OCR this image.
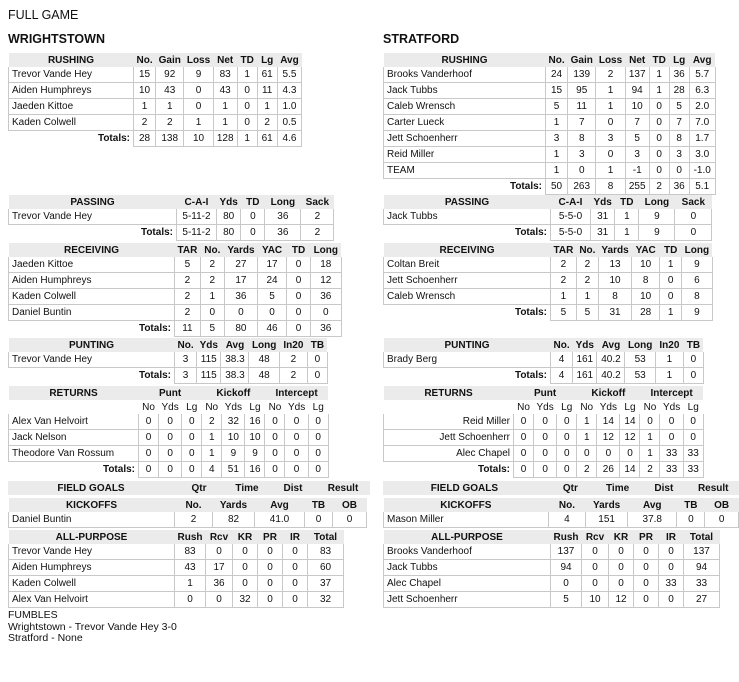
FULL GAME
WRIGHTSTOWN	STRATFORD
RUSHING	No.	Gain	Loss	Net	TD	Lg	Avg
Trevor Vande Hey	15	92	9	83	1	61	5.5
Aiden Humphreys	10	43	0	43	0	11	4.3
Jaeden Kittoe	1	1	0	1	0	1	1.0
Kaden Colwell	2	2	1	1	0	2	0.5
Totals:	28	138	10	128	1	61	4.6
RUSHING	No.	Gain	Loss	Net	TD	Lg	Avg
Brooks Vanderhoof	24	139	2	137	1	36	5.7
Jack Tubbs	15	95	1	94	1	28	6.3
Caleb Wrensch	5	11	1	10	0	5	2.0
Carter Lueck	1	7	0	7	0	7	7.0
Jett Schoenherr	3	8	3	5	0	8	1.7
Reid Miller	1	3	0	3	0	3	3.0
TEAM	1	0	1	-1	0	0	-1.0
Totals:	50	263	8	255	2	36	5.1
PASSING	C-A-I	Yds	TD	Long	Sack
Trevor Vande Hey	5-11-2	80	0	36	2
Totals:	5-11-2	80	0	36	2
PASSING	C-A-I	Yds	TD	Long	Sack
Jack Tubbs	5-5-0	31	1	9	0
Totals:	5-5-0	31	1	9	0
RECEIVING	TAR	No.	Yards	YAC	TD	Long
Jaeden Kittoe	5	2	27	17	0	18
Aiden Humphreys	2	2	17	24	0	12
Kaden Colwell	2	1	36	5	0	36
Daniel Buntin	2	0	0	0	0	0
Totals:	11	5	80	46	0	36
RECEIVING	TAR	No.	Yards	YAC	TD	Long
Coltan Breit	2	2	13	10	1	9
Jett Schoenherr	2	2	10	8	0	6
Caleb Wrensch	1	1	8	10	0	8
Totals:	5	5	31	28	1	9
PUNTING	No.	Yds	Avg	Long	In20	TB
Trevor Vande Hey	3	115	38.3	48	2	0
Totals:	3	115	38.3	48	2	0
PUNTING	No.	Yds	Avg	Long	In20	TB
Brady Berg	4	161	40.2	53	1	0
Totals:	4	161	40.2	53	1	0
RETURNS	Punt			Kickoff			Intercept		
	No	Yds	Lg	No	Yds	Lg	No	Yds	Lg
Alex Van Helvoirt	0	0	0	2	32	16	0	0	0
Jack Nelson	0	0	0	1	10	10	0	0	0
Theodore Van Rossum	0	0	0	1	9	9	0	0	0
Totals:	0	0	0	4	51	16	0	0	0
RETURNS	Punt			Kickoff			Intercept		
	No	Yds	Lg	No	Yds	Lg	No	Yds	Lg
Reid Miller	0	0	0	1	14	14	0	0	0
Jett Schoenherr	0	0	0	1	12	12	1	0	0
Alec Chapel	0	0	0	0	0	0	1	33	33
Totals:	0	0	0	2	26	14	2	33	33
FIELD GOALS	Qtr	Time	Dist	Result	FIELD GOALS	Qtr	Time	Dist	Result
KICKOFFS	No.	Yards	Avg	TB	OB
Daniel Buntin	2	82	41.0	0	0
KICKOFFS	No.	Yards	Avg	TB	OB
Mason Miller	4	151	37.8	0	0
ALL-PURPOSE	Rush	Rcv	KR	PR	IR	Total
Trevor Vande Hey	83	0	0	0	0	83
Aiden Humphreys	43	17	0	0	0	60
Kaden Colwell	1	36	0	0	0	37
Alex Van Helvoirt	0	0	32	0	0	32
ALL-PURPOSE	Rush	Rcv	KR	PR	IR	Total
Brooks Vanderhoof	137	0	0	0	0	137
Jack Tubbs	94	0	0	0	0	94
Alec Chapel	0	0	0	0	33	33
Jett Schoenherr	5	10	12	0	0	27
FUMBLES
Wrightstown - Trevor Vande Hey 3-0
Stratford - None
